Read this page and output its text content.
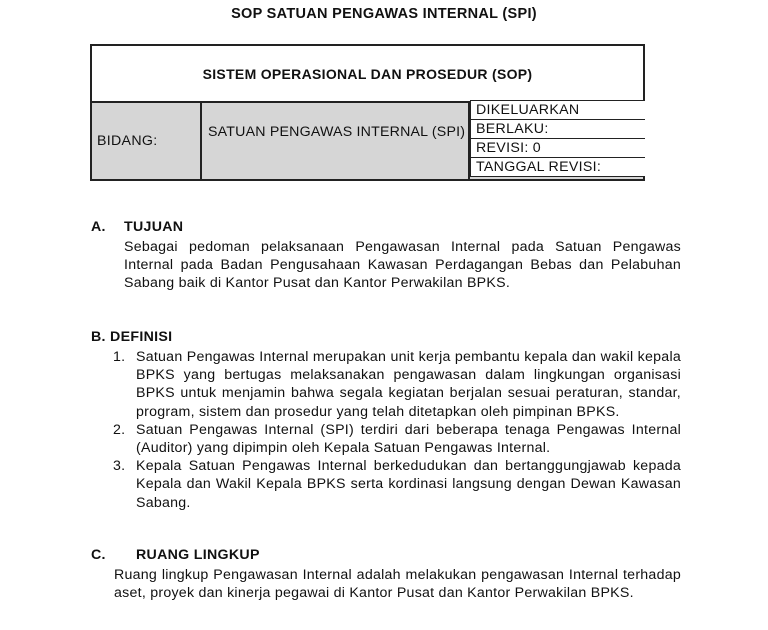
SOP SATUAN PENGAWAS INTERNAL (SPI)
SISTEM OPERASIONAL DAN PROSEDUR (SOP)
BIDANG:
SATUAN PENGAWAS INTERNAL (SPI)
DIKELUARKAN
BERLAKU:
REVISI: 0
TANGGAL REVISI:
A. TUJUAN
Sebagai pedoman pelaksanaan Pengawasan Internal pada Satuan Pengawas Internal pada Badan Pengusahaan Kawasan Perdagangan Bebas dan Pelabuhan Sabang baik di Kantor Pusat dan Kantor Perwakilan BPKS.
B. DEFINISI
1. Satuan Pengawas Internal merupakan unit kerja pembantu kepala dan wakil kepala BPKS yang bertugas melaksanakan pengawasan dalam lingkungan organisasi BPKS untuk menjamin bahwa segala kegiatan berjalan sesuai peraturan, standar, program, sistem dan prosedur yang telah ditetapkan oleh pimpinan BPKS.
2. Satuan Pengawas Internal (SPI) terdiri dari beberapa tenaga Pengawas Internal (Auditor) yang dipimpin oleh Kepala Satuan Pengawas Internal.
3. Kepala Satuan Pengawas Internal berkedudukan dan bertanggungjawab kepada Kepala dan Wakil Kepala BPKS serta kordinasi langsung dengan Dewan Kawasan Sabang.
C. RUANG LINGKUP
Ruang lingkup Pengawasan Internal adalah melakukan pengawasan Internal terhadap aset, proyek dan kinerja pegawai di Kantor Pusat dan Kantor Perwakilan BPKS.
